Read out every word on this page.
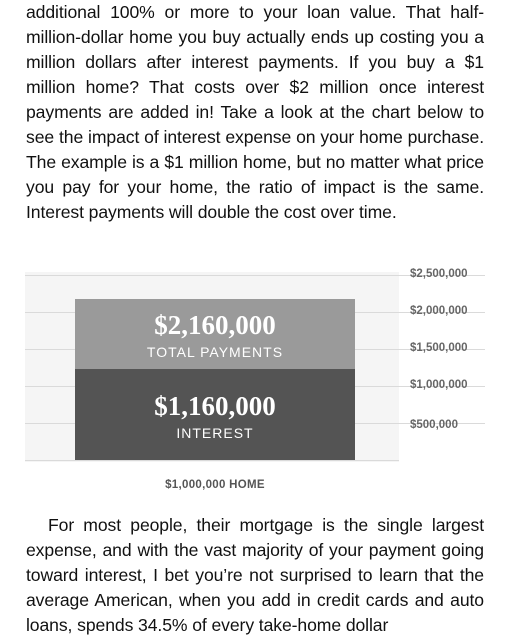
additional 100% or more to your loan value. That half-million-dollar home you buy actually ends up costing you a million dollars after interest payments. If you buy a $1 million home? That costs over $2 million once interest payments are added in! Take a look at the chart below to see the impact of interest expense on your home purchase. The example is a $1 million home, but no matter what price you pay for your home, the ratio of impact is the same. Interest payments will double the cost over time.

$2,500,000
$2,000,000
$1,500,000
$1,000,000
$500,000
$2,160,000
TOTAL PAYMENTS
$1,160,000
INTEREST
$1,000,000 HOME

For most people, their mortgage is the single largest expense, and with the vast majority of your payment going toward interest, I bet you’re not surprised to learn that the average American, when you add in credit cards and auto loans, spends 34.5% of every take-home dollar
